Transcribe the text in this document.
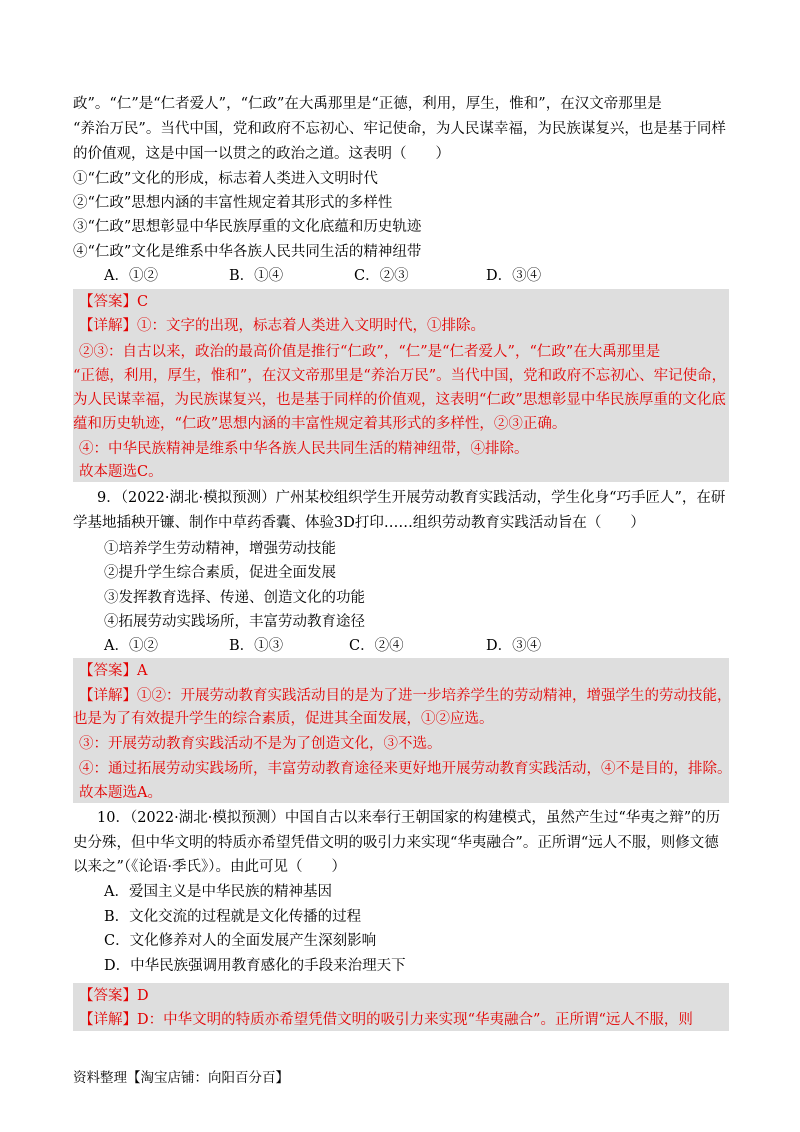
政”。“仁”是“仁者爱人”，“仁政”在大禹那里是“正德，利用，厚生，惟和”，在汉文帝那里是
“养治万民”。当代中国，党和政府不忘初心、牢记使命，为人民谋幸福，为民族谋复兴，也是基于同样
的价值观，这是中国一以贯之的政治之道。这表明（　　）
①“仁政”文化的形成，标志着人类进入文明时代
②“仁政”思想内涵的丰富性规定着其形式的多样性
③“仁政”思想彰显中华民族厚重的文化底蕴和历史轨迹
④“仁政”文化是维系中华各族人民共同生活的精神纽带
A．①②	B．①④	C．②③	D．③④
【答案】C
【详解】①：文字的出现，标志着人类进入文明时代，①排除。
②③：自古以来，政治的最高价值是推行“仁政”，“仁”是“仁者爱人”，“仁政”在大禹那里是
“正德，利用，厚生，惟和”，在汉文帝那里是“养治万民”。当代中国，党和政府不忘初心、牢记使命，
为人民谋幸福，为民族谋复兴，也是基于同样的价值观，这表明“仁政”思想彰显中华民族厚重的文化底
蕴和历史轨迹，“仁政”思想内涵的丰富性规定着其形式的多样性，②③正确。
④：中华民族精神是维系中华各族人民共同生活的精神纽带，④排除。
故本题选C。
9．（2022·湖北·模拟预测）广州某校组织学生开展劳动教育实践活动，学生化身“巧手匠人”，在研
学基地插秧开镰、制作中草药香囊、体验3D打印……组织劳动教育实践活动旨在（　　）
①培养学生劳动精神，增强劳动技能
②提升学生综合素质，促进全面发展
③发挥教育选择、传递、创造文化的功能
④拓展劳动实践场所，丰富劳动教育途径
A．①②	B．①③	C．②④	D．③④
【答案】A
【详解】①②：开展劳动教育实践活动目的是为了进一步培养学生的劳动精神，增强学生的劳动技能，
也是为了有效提升学生的综合素质，促进其全面发展，①②应选。
③：开展劳动教育实践活动不是为了创造文化，③不选。
④：通过拓展劳动实践场所，丰富劳动教育途径来更好地开展劳动教育实践活动，④不是目的，排除。
故本题选A。
10．（2022·湖北·模拟预测）中国自古以来奉行王朝国家的构建模式，虽然产生过“华夷之辩”的历
史分殊，但中华文明的特质亦希望凭借文明的吸引力来实现“华夷融合”。正所谓“远人不服，则修文德
以来之”（《论语·季氏》）。由此可见（　　）
A．爱国主义是中华民族的精神基因
B．文化交流的过程就是文化传播的过程
C．文化修养对人的全面发展产生深刻影响
D．中华民族强调用教育感化的手段来治理天下
【答案】D
【详解】D：中华文明的特质亦希望凭借文明的吸引力来实现“华夷融合”。正所谓“远人不服，则
资料整理【淘宝店铺：向阳百分百】
